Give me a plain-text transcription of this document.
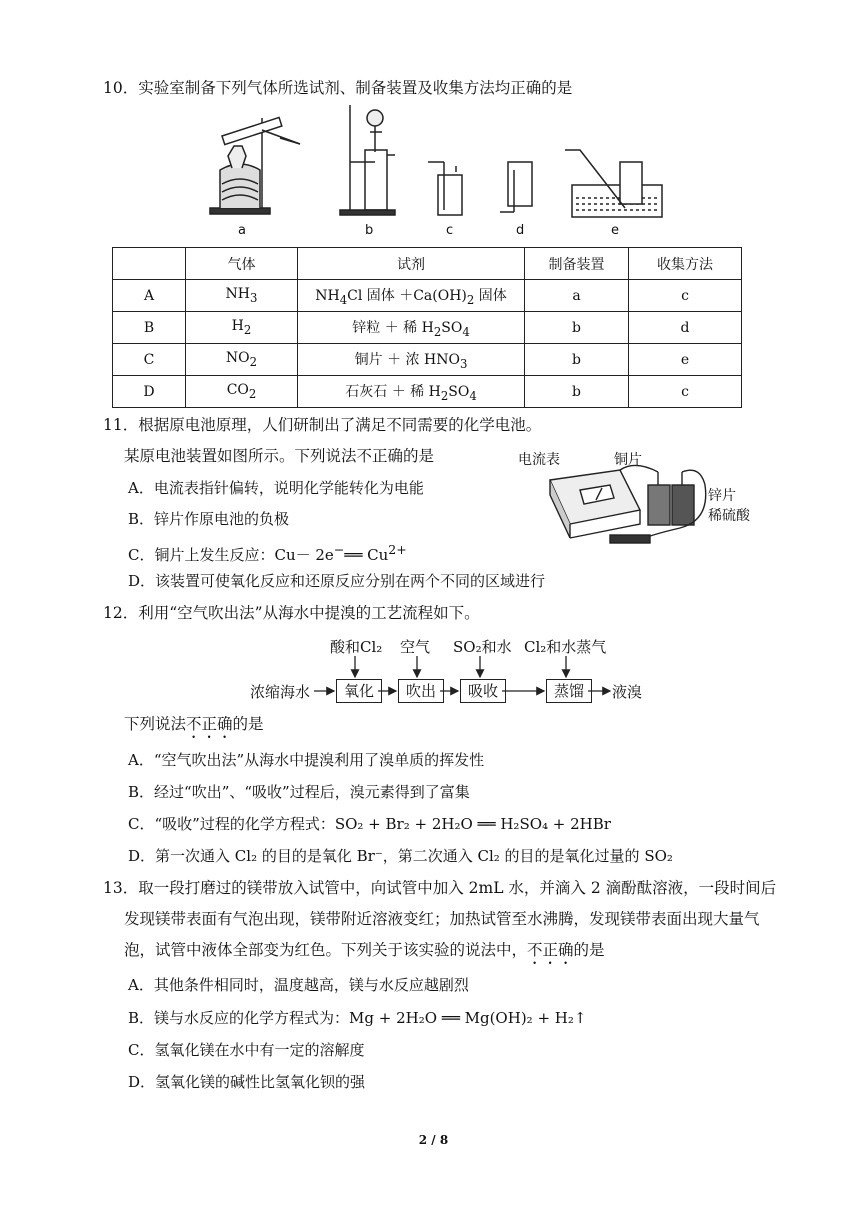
10．实验室制备下列气体所选试剂、制备装置及收集方法均正确的是
a	b	c	d	e
	气体	试剂	制备装置	收集方法
A	$NH_3$	$NH_4Cl$ 固体 $+Ca(OH)_2$ 固体	a	c
B	$H_2$	锌粒 ＋ 稀 $H_2SO_4$	b	d
C	$NO_2$	铜片 ＋ 浓 $HNO_3$	b	e
D	$CO_2$	石灰石 ＋ 稀 $H_2SO_4$	b	c
11．根据原电池原理，人们研制出了满足不同需要的化学电池。
某原电池装置如图所示。下列说法不正确的是
A．电流表指针偏转，说明化学能转化为电能
B．锌片作原电池的负极
C．铜片上发生反应：Cu－ 2e−══ $Cu^{2+}$
D．该装置可使氧化反应和还原反应分别在两个不同的区域进行
电流表	铜片
锌片
稀硫酸
12．利用“空气吹出法”从海水中提溴的工艺流程如下。
酸和Cl₂ 空气 SO₂和水 Cl₂和水蒸气
浓缩海水	氧化	吹出	吸收	蒸馏	液溴
下列说法不正确的是
A．“空气吹出法”从海水中提溴利用了溴单质的挥发性
B．经过“吹出”、“吸收”过程后，溴元素得到了富集
C．“吸收”过程的化学方程式：SO₂ + Br₂ + 2H₂O ══ H₂SO₄ + 2HBr
D．第一次通入 Cl₂ 的目的是氧化 Br⁻，第二次通入 Cl₂ 的目的是氧化过量的 SO₂
13．取一段打磨过的镁带放入试管中，向试管中加入 2mL 水，并滴入 2 滴酚酞溶液，一段时间后
发现镁带表面有气泡出现，镁带附近溶液变红；加热试管至水沸腾，发现镁带表面出现大量气
泡，试管中液体全部变为红色。下列关于该实验的说法中，不正确的是
A．其他条件相同时，温度越高，镁与水反应越剧烈
B．镁与水反应的化学方程式为：Mg + 2H₂O ══ Mg(OH)₂ + H₂↑
C．氢氧化镁在水中有一定的溶解度
D．氢氧化镁的碱性比氢氧化钡的强
2 / 8
